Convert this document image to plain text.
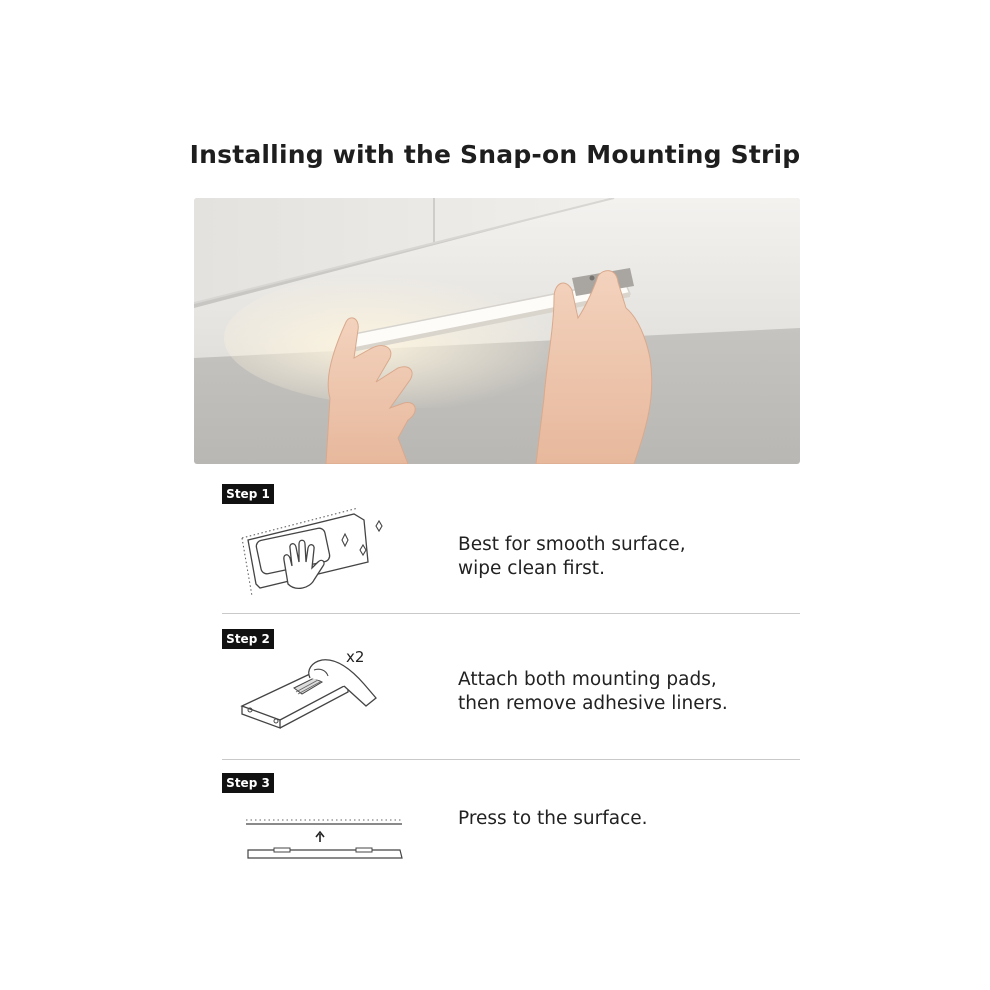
Installing with the Snap-on Mounting Strip
Step 1
Best for smooth surface,
wipe clean first.
Step 2
x2
Attach both mounting pads,
then remove adhesive liners.
Step 3
Press to the surface.
